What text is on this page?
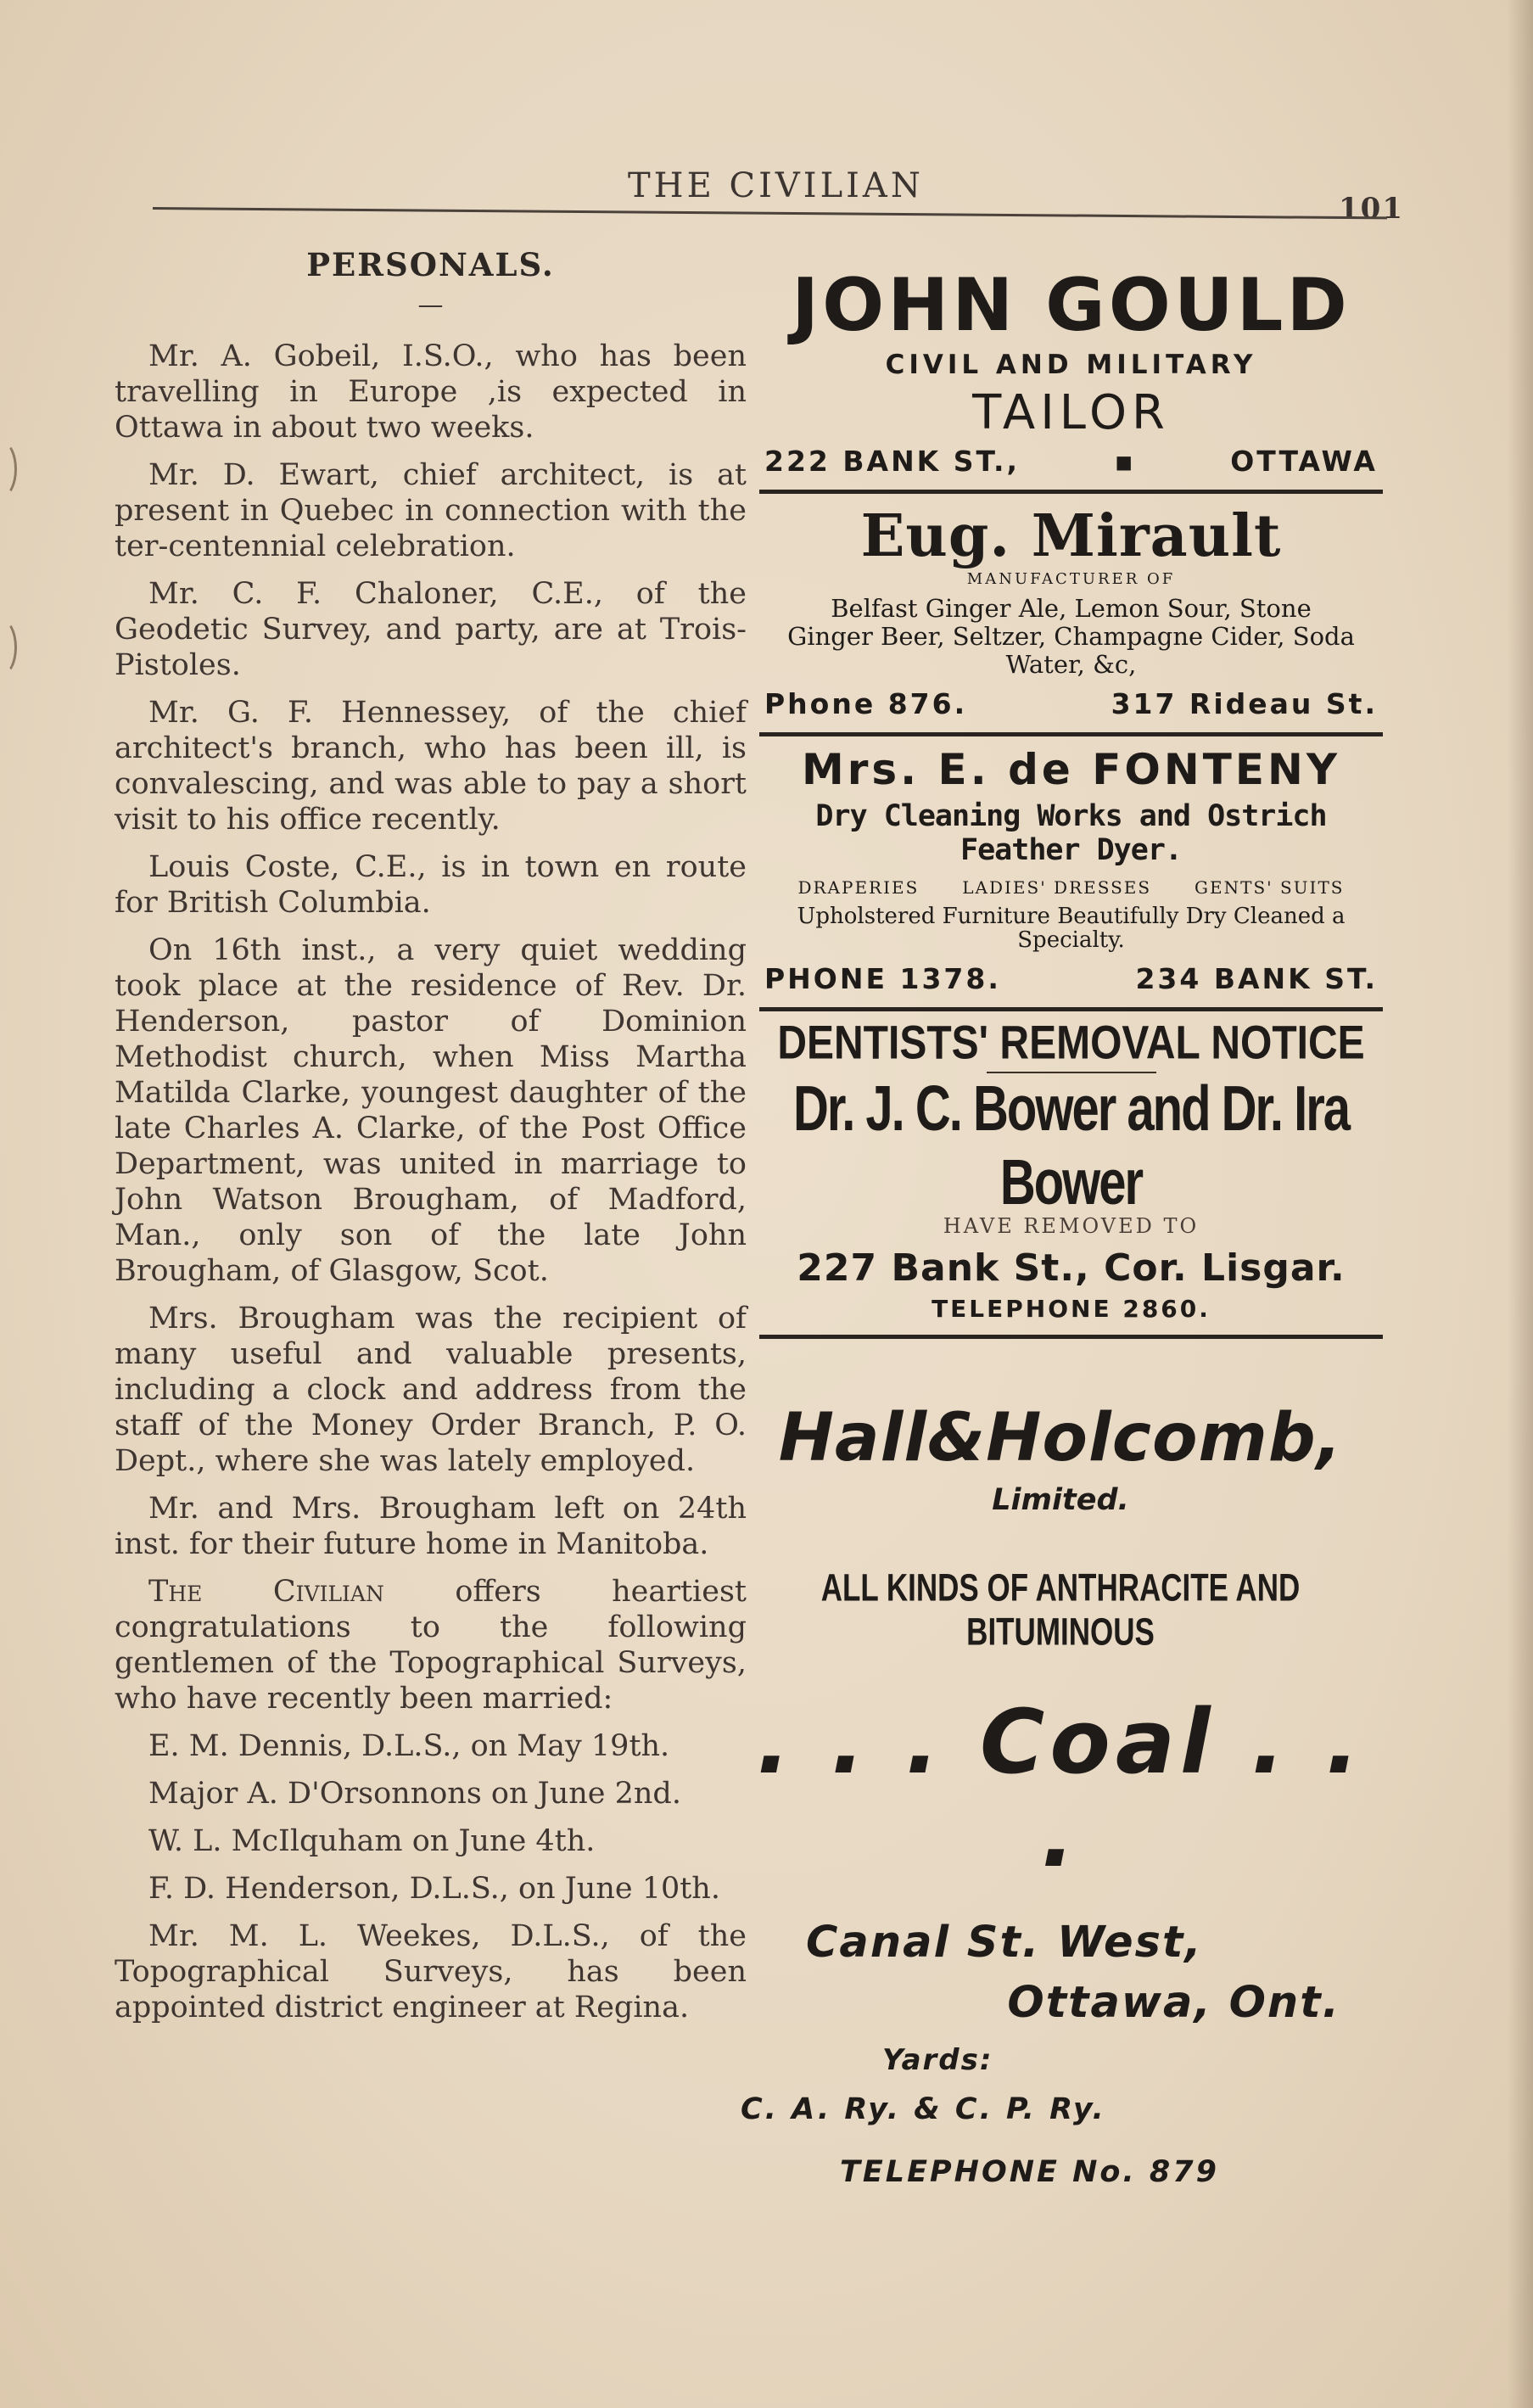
THE CIVILIAN
101
PERSONALS.
—

Mr. A. Gobeil, I.S.O., who has been travelling in Europe ,is expected in Ottawa in about two weeks.

Mr. D. Ewart, chief architect, is at present in Quebec in connection with the ter-centennial celebration.

Mr. C. F. Chaloner, C.E., of the Geodetic Survey, and party, are at Trois-Pistoles.

Mr. G. F. Hennessey, of the chief architect's branch, who has been ill, is convalescing, and was able to pay a short visit to his office recently.

Louis Coste, C.E., is in town en route for British Columbia.

On 16th inst., a very quiet wedding took place at the residence of Rev. Dr. Henderson, pastor of Dominion Methodist church, when Miss Martha Matilda Clarke, youngest daughter of the late Charles A. Clarke, of the Post Office Department, was united in marriage to John Watson Brougham, of Madford, Man., only son of the late John Brougham, of Glasgow, Scot.

Mrs. Brougham was the recipient of many useful and valuable presents, including a clock and address from the staff of the Money Order Branch, P. O. Dept., where she was lately employed.

Mr. and Mrs. Brougham left on 24th inst. for their future home in Manitoba.

The Civilian offers heartiest congratulations to the following gentlemen of the Topographical Surveys, who have recently been married:

E. M. Dennis, D.L.S., on May 19th.

Major A. D'Orsonnons on June 2nd.

W. L. McIlquham on June 4th.

F. D. Henderson, D.L.S., on June 10th.

Mr. M. L. Weekes, D.L.S., of the Topographical Surveys, has been appointed district engineer at Regina.

JOHN GOULD
CIVIL AND MILITARY
TAILOR
222 BANK ST.,	▪	OTTAWA
Eug. Mirault
MANUFACTURER OF
Belfast Ginger Ale, Lemon Sour, Stone Ginger Beer, Seltzer, Champagne Cider, Soda Water, &c,
Phone 876.	317 Rideau St.
Mrs. E. de FONTENY
Dry Cleaning Works and Ostrich Feather Dyer.
DRAPERIES	LADIES' DRESSES	GENTS' SUITS
Upholstered Furniture Beautifully Dry Cleaned a Specialty.
PHONE 1378.	234 BANK ST.
DENTISTS' REMOVAL NOTICE
Dr. J. C. Bower and Dr. Ira Bower
HAVE REMOVED TO
227 Bank St., Cor. Lisgar.
TELEPHONE 2860.
Hall&Holcomb,
Limited.
ALL KINDS OF ANTHRACITE AND BITUMINOUS
. . . Coal . . .
Canal St. West,
Ottawa, Ont.
Yards:
C. A. Ry. & C. P. Ry.
TELEPHONE No. 879
